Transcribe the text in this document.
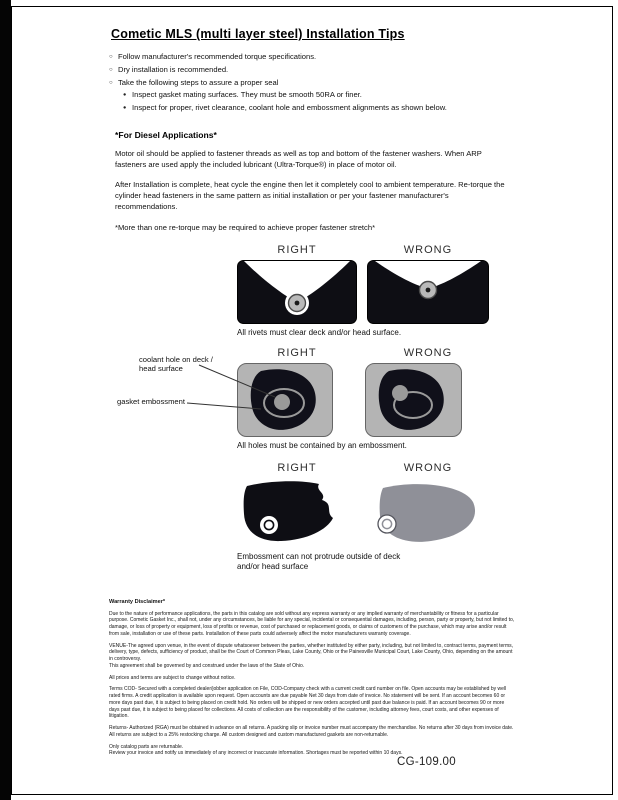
Cometic MLS (multi layer steel) Installation Tips
○ Follow manufacturer's recommended torque specifications.
○ Dry installation is recommended.
○ Take the following steps to assure a proper seal
● Inspect gasket mating surfaces. They must be smooth 50RA or finer.
● Inspect for proper, rivet clearance, coolant hole and embossment alignments as shown below.
*For Diesel Applications*

Motor oil should be applied to fastener threads as well as top and bottom of the fastener washers. When ARP fasteners are used apply the included lubricant (Ultra-Torque®) in place of motor oil.

After Installation is complete, heat cycle the engine then let it completely cool to ambient temperature. Re-torque the cylinder head fasteners in the same pattern as initial installation or per your fastener manufacturer's recommendations.

*More than one re-torque may be required to achieve proper fastener stretch*

RIGHT	WRONG
All rivets must clear deck and/or head surface.
coolant hole on deck / head surface
gasket embossment
RIGHT	WRONG
All holes must be contained by an embossment.
RIGHT	WRONG
Embossment can not protrude outside of deck and/or head surface
Warranty Disclaimer*

Due to the nature of performance applications, the parts in this catalog are sold without any express warranty or any implied warranty of merchantability or fitness for a particular purpose. Cometic Gasket Inc., shall not, under any circumstances, be liable for any special, incidental or consequential damages, including, person, party or property, but not limited to, damage, or loss of property or equipment, loss of profits or revenue, cost of purchased or replacement goods, or claims of customers of the purchase, which may arise and/or result from sale, installation or use of these parts. Installation of these parts could adversely affect the motor manufacturers warranty coverage.

VENUE-The agreed upon venue, in the event of dispute whatsoever between the parties, whether instituted by either party, including, but not limited to, contract terms, payment terms, delivery, type, defects, sufficiency of product, shall be the Court of Common Pleas, Lake County, Ohio or the Painesville Municipal Court, Lake County, Ohio, depending on the amount in controversy.

This agreement shall be governed by and construed under the laws of the State of Ohio.

All prices and terms are subject to change without notice.

Terms COD- Secured with a completed dealer/jobber application on File, COD-Company check with a current credit card number on file. Open accounts may be established by well rated firms. A credit application is available upon request. Open accounts are due payable Net 30 days from date of invoice. No statement will be sent. If an account becomes 60 or more days past due, it is subject to being placed on credit hold. No orders will be shipped or new orders accepted until past due balance is paid. If an account becomes 90 or more days past due, it is subject to being placed for collections. All costs of collection are the responsibility of the customer, including attorney fees, court costs, and other expenses of litigation.

Returns- Authorized (RGA) must be obtained in advance on all returns. A packing slip or invoice number must accompany the merchandise. No returns after 30 days from invoice date. All returns are subject to a 25% restocking charge. All custom designed and custom manufactured gaskets are non-returnable.

Only catalog parts are returnable.

Review your invoice and notify us immediately of any incorrect or inaccurate information. Shortages must be reported within 10 days.

CG-109.00
